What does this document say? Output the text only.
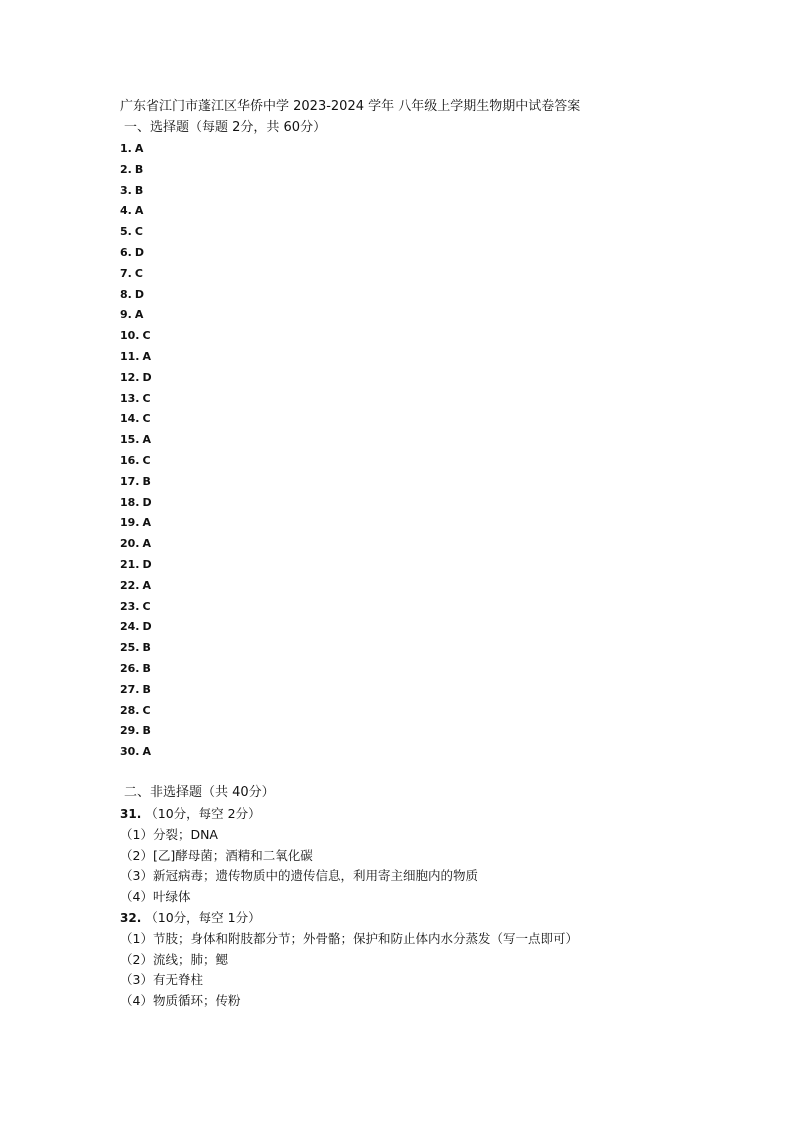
广东省江门市蓬江区华侨中学 2023-2024 学年 八年级上学期生物期中试卷答案
一、选择题（每题 2分，共 60分）
1. A
2. B
3. B
4. A
5. C
6. D
7. C
8. D
9. A
10. C
11. A
12. D
13. C
14. C
15. A
16. C
17. B
18. D
19. A
20. A
21. D
22. A
23. C
24. D
25. B
26. B
27. B
28. C
29. B
30. A
二、非选择题（共 40分）
31. （10分，每空 2分）
（1）分裂；DNA
（2）[乙]酵母菌；酒精和二氧化碳
（3）新冠病毒；遗传物质中的遗传信息，利用寄主细胞内的物质
（4）叶绿体
32. （10分，每空 1分）
（1）节肢；身体和附肢都分节；外骨骼；保护和防止体内水分蒸发（写一点即可）
（2）流线；肺；鳃
（3）有无脊柱
（4）物质循环；传粉
